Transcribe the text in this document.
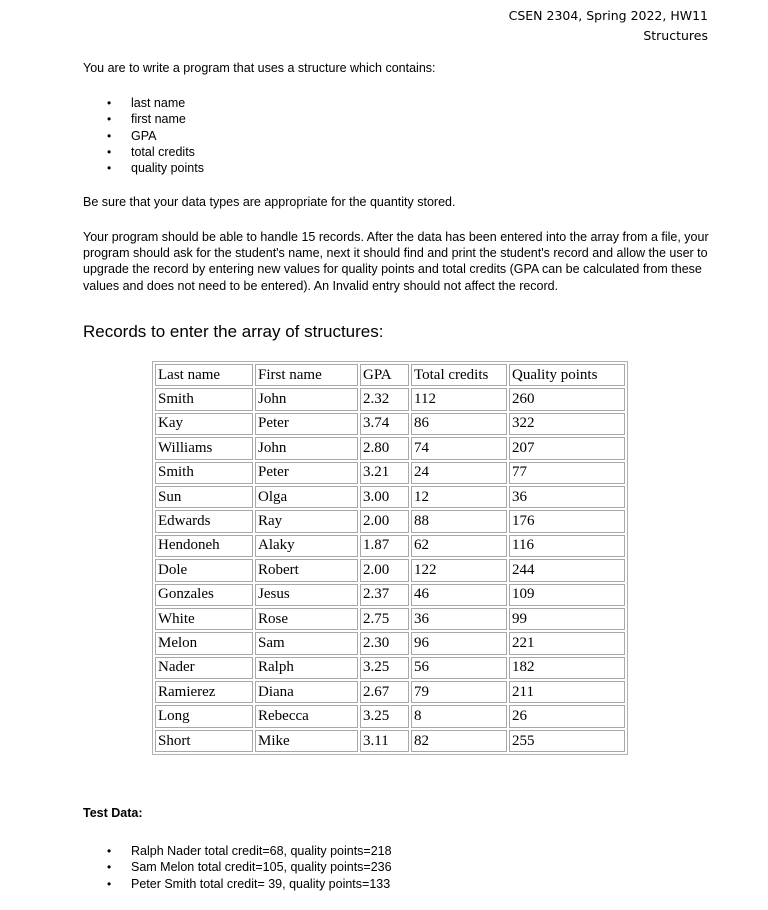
CSEN 2304, Spring 2022, HW11
Structures
You are to write a program that uses a structure which contains:
• last name
• first name
• GPA
• total credits
• quality points
Be sure that your data types are appropriate for the quantity stored.
Your program should be able to handle 15 records. After the data has been entered into the array from a file, your program should ask for the student's name, next it should find and print the student's record and allow the user to upgrade the record by entering new values for quality points and total credits (GPA can be calculated from these values and does not need to be entered). An Invalid entry should not affect the record.
Records to enter the array of structures:
Last name	First name	GPA	Total credits	Quality points
Smith	John	2.32	112	260
Kay	Peter	3.74	86	322
Williams	John	2.80	74	207
Smith	Peter	3.21	24	77
Sun	Olga	3.00	12	36
Edwards	Ray	2.00	88	176
Hendoneh	Alaky	1.87	62	116
Dole	Robert	2.00	122	244
Gonzales	Jesus	2.37	46	109
White	Rose	2.75	36	99
Melon	Sam	2.30	96	221
Nader	Ralph	3.25	56	182
Ramierez	Diana	2.67	79	211
Long	Rebecca	3.25	8	26
Short	Mike	3.11	82	255
Test Data:
• Ralph Nader total credit=68, quality points=218
• Sam Melon total credit=105, quality points=236
• Peter Smith total credit= 39, quality points=133
